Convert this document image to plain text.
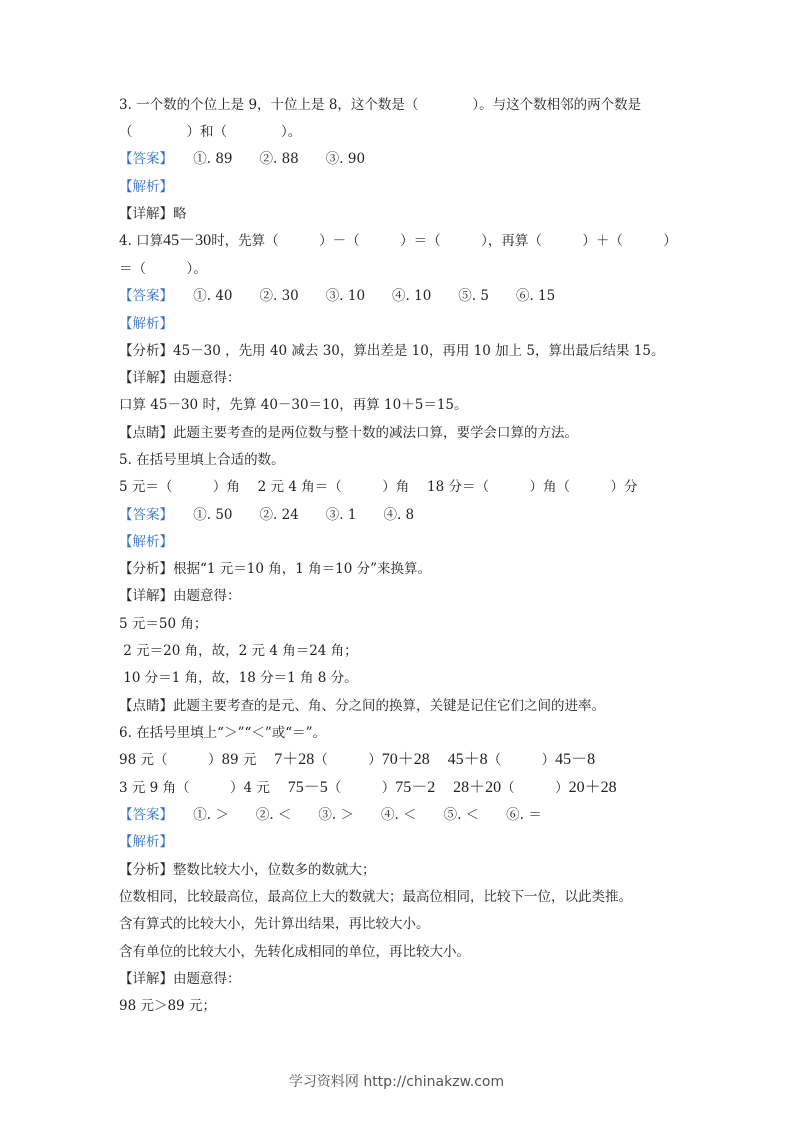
3. 一个数的个位上是 9，十位上是 8，这个数是（　　　　）。与这个数相邻的两个数是
（　　　　）和（　　　　）。
【答案】　　 ①. 89　　②. 88　　③. 90
【解析】
【详解】略
4. 口算45－30时，先算（　　　）－（　　　）＝（　　　），再算（　　　）＋（　　　）
＝（　　　）。
【答案】　　 ①. 40　　②. 30　　③. 10　　④. 10　　⑤. 5　　⑥. 15
【解析】
【分析】45－30 ，先用 40 减去 30，算出差是 10，再用 10 加上 5，算出最后结果 15。
【详解】由题意得：
口算 45－30 时，先算 40－30＝10，再算 10＋5＝15。
【点睛】此题主要考查的是两位数与整十数的减法口算，要学会口算的方法。
5. 在括号里填上合适的数。
5 元＝（　　　）角　 2 元 4 角＝（　　　）角　 18 分＝（　　　）角（　　　）分
【答案】　　 ①. 50　　②. 24　　③. 1　　④. 8
【解析】
【分析】根据“1 元＝10 角，1 角＝10 分”来换算。
【详解】由题意得：
5 元＝50 角；
2 元＝20 角，故，2 元 4 角＝24 角；
10 分＝1 角，故，18 分＝1 角 8 分。
【点睛】此题主要考查的是元、角、分之间的换算，关键是记住它们之间的进率。
6. 在括号里填上“＞”“＜”或“＝”。
98 元（　　　）89 元　 7＋28（　　　）70＋28　 45＋8（　　　）45－8
3 元 9 角（　　　）4 元　 75－5（　　　）75－2　 28＋20（　　　）20＋28
【答案】　　 ①. ＞　　②. ＜　　③. ＞　　④. ＜　　⑤. ＜　　⑥. ＝
【解析】
【分析】整数比较大小，位数多的数就大；
位数相同，比较最高位，最高位上大的数就大；最高位相同，比较下一位，以此类推。
含有算式的比较大小，先计算出结果，再比较大小。
含有单位的比较大小，先转化成相同的单位，再比较大小。
【详解】由题意得：
98 元＞89 元；
学习资料网 http://chinakzw.com
